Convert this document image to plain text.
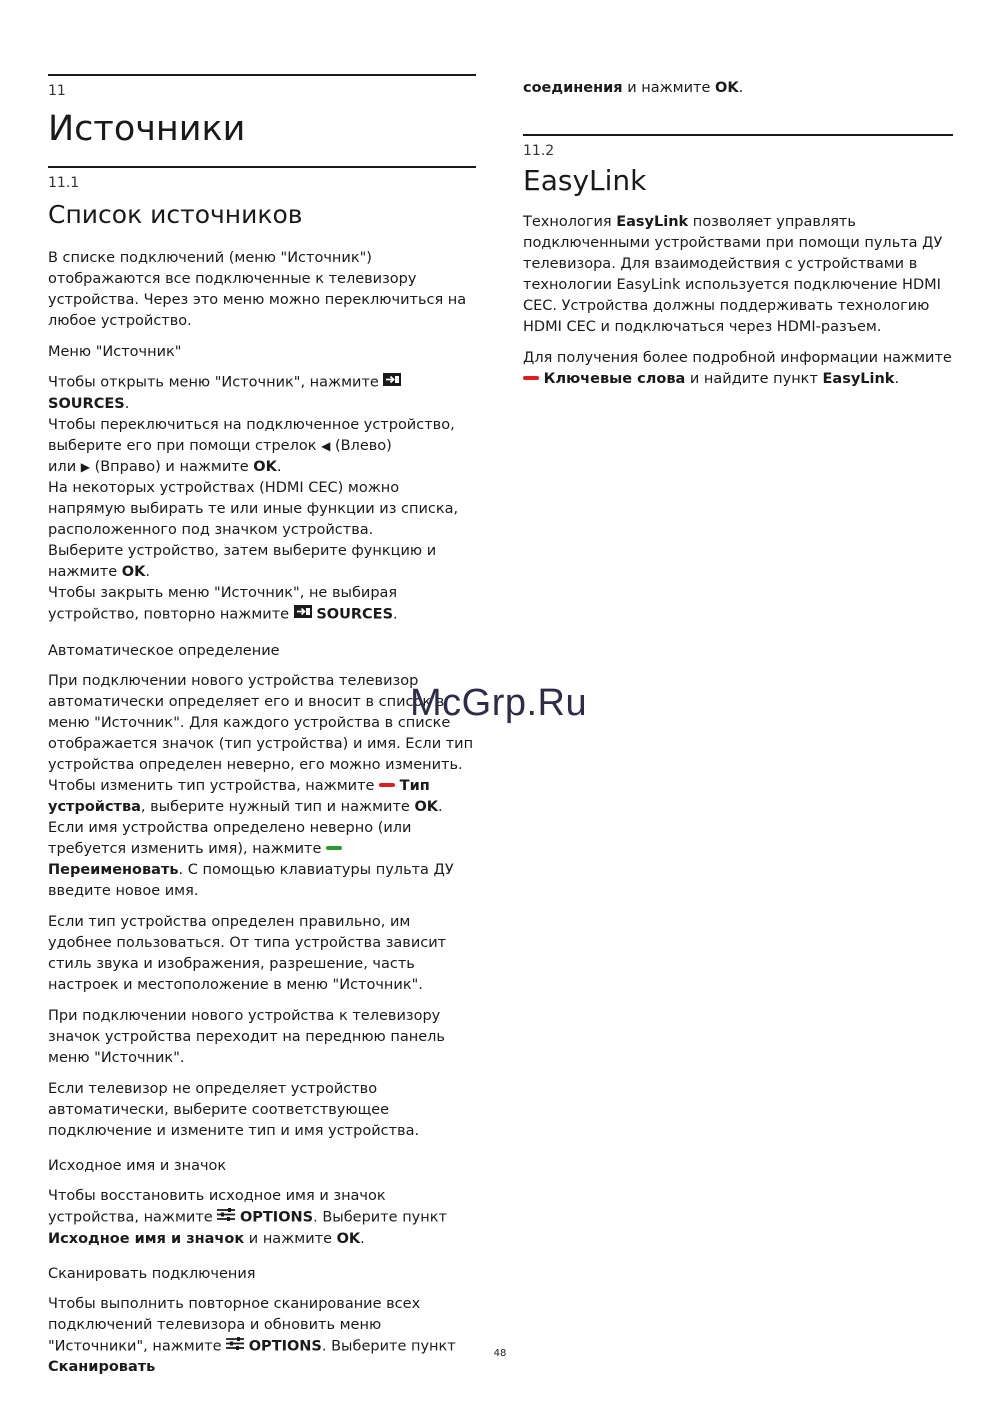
11
Источники
11.1
Список источников

В списке подключений (меню "Источник") отображаются все подключенные к телевизору устройства. Через это меню можно переключиться на любое устройство.

Меню "Источник"

Чтобы открыть меню "Источник", нажмите  SOURCES.
Чтобы переключиться на подключенное устройство, выберите его при помощи стрелок ◀ (Влево)
или ▶ (Вправо) и нажмите OK.
На некоторых устройствах (HDMI CEC) можно напрямую выбирать те или иные функции из списка, расположенного под значком устройства.
Выберите устройство, затем выберите функцию и нажмите OK.
Чтобы закрыть меню "Источник", не выбирая устройство, повторно нажмите  SOURCES.

Автоматическое определение

При подключении нового устройства телевизор автоматически определяет его и вносит в список в меню "Источник". Для каждого устройства в списке отображается значок (тип устройства) и имя. Если тип устройства определен неверно, его можно изменить.
Чтобы изменить тип устройства, нажмите  Тип устройства, выберите нужный тип и нажмите OK.
Если имя устройства определено неверно (или требуется изменить имя), нажмите  Переименовать. С помощью клавиатуры пульта ДУ введите новое имя.

Если тип устройства определен правильно, им удобнее пользоваться. От типа устройства зависит стиль звука и изображения, разрешение, часть настроек и местоположение в меню "Источник".

При подключении нового устройства к телевизору значок устройства переходит на переднюю панель меню "Источник".

Если телевизор не определяет устройство автоматически, выберите соответствующее подключение и измените тип и имя устройства.

Исходное имя и значок

Чтобы восстановить исходное имя и значок устройства, нажмите  OPTIONS. Выберите пункт Исходное имя и значок и нажмите OK.

Сканировать подключения

Чтобы выполнить повторное сканирование всех подключений телевизора и обновить меню "Источники", нажмите  OPTIONS. Выберите пункт Сканировать

соединения и нажмите OK.

11.2
EasyLink

Технология EasyLink позволяет управлять подключенными устройствами при помощи пульта ДУ телевизора. Для взаимодействия с устройствами в технологии EasyLink используется подключение HDMI CEC. Устройства должны поддерживать технологию HDMI CEC и подключаться через HDMI-разъем.

Для получения более подробной информации нажмите  Ключевые слова и найдите пункт EasyLink.

McGrp.Ru
48
